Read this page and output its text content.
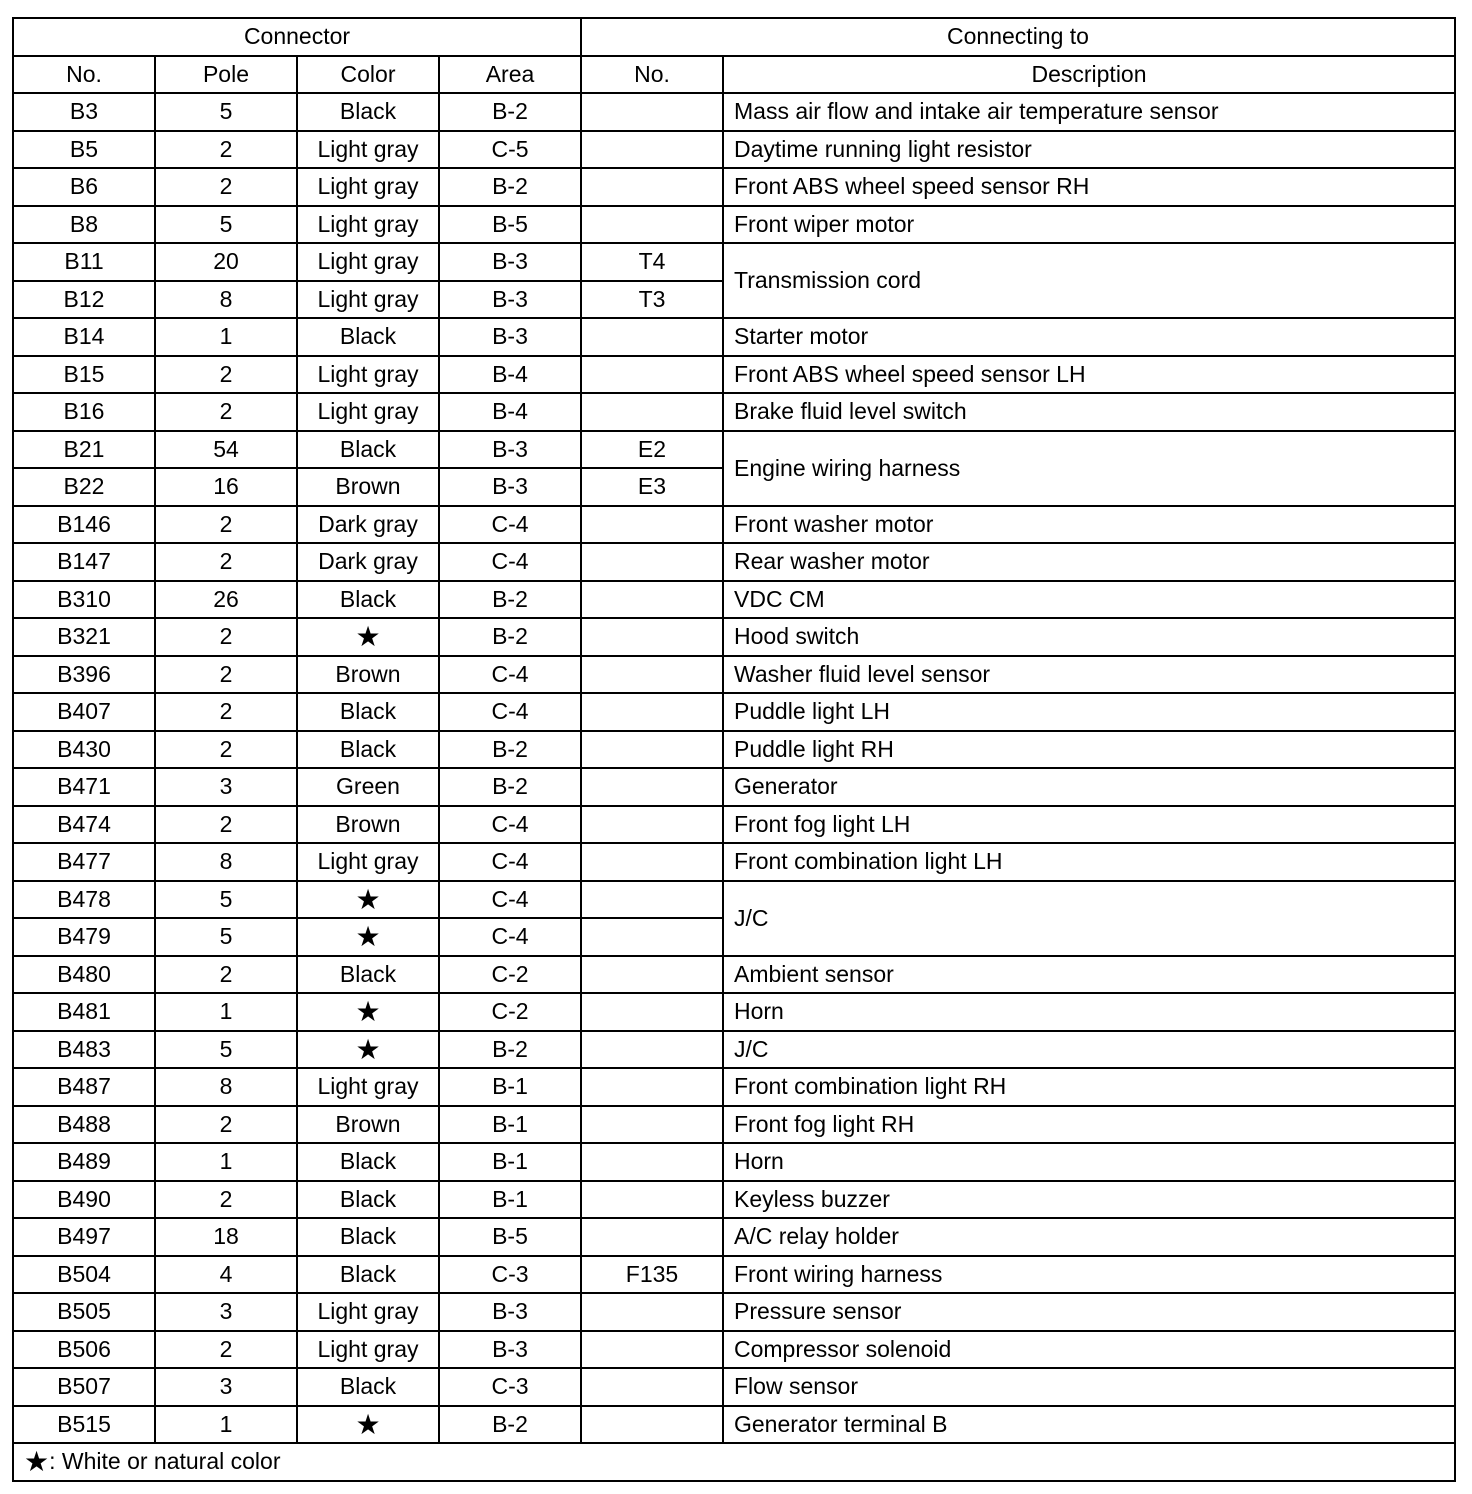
Connector				Connecting to	
No.	Pole	Color	Area	No.	Description
B3	5	Black	B-2		Mass air flow and intake air temperature sensor
B5	2	Light gray	C-5		Daytime running light resistor
B6	2	Light gray	B-2		Front ABS wheel speed sensor RH
B8	5	Light gray	B-5		Front wiper motor
B11	20	Light gray	B-3	T4	Transmission cord
B12	8	Light gray	B-3	T3	
B14	1	Black	B-3		Starter motor
B15	2	Light gray	B-4		Front ABS wheel speed sensor LH
B16	2	Light gray	B-4		Brake fluid level switch
B21	54	Black	B-3	E2	Engine wiring harness
B22	16	Brown	B-3	E3	
B146	2	Dark gray	C-4		Front washer motor
B147	2	Dark gray	C-4		Rear washer motor
B310	26	Black	B-2		VDC CM
B321	2	★	B-2		Hood switch
B396	2	Brown	C-4		Washer fluid level sensor
B407	2	Black	C-4		Puddle light LH
B430	2	Black	B-2		Puddle light RH
B471	3	Green	B-2		Generator
B474	2	Brown	C-4		Front fog light LH
B477	8	Light gray	C-4		Front combination light LH
B478	5	★	C-4		J/C
B479	5	★	C-4		
B480	2	Black	C-2		Ambient sensor
B481	1	★	C-2		Horn
B483	5	★	B-2		J/C
B487	8	Light gray	B-1		Front combination light RH
B488	2	Brown	B-1		Front fog light RH
B489	1	Black	B-1		Horn
B490	2	Black	B-1		Keyless buzzer
B497	18	Black	B-5		A/C relay holder
B504	4	Black	C-3	F135	Front wiring harness
B505	3	Light gray	B-3		Pressure sensor
B506	2	Light gray	B-3		Compressor solenoid
B507	3	Black	C-3		Flow sensor
B515	1	★	B-2		Generator terminal B
★: White or natural color					
